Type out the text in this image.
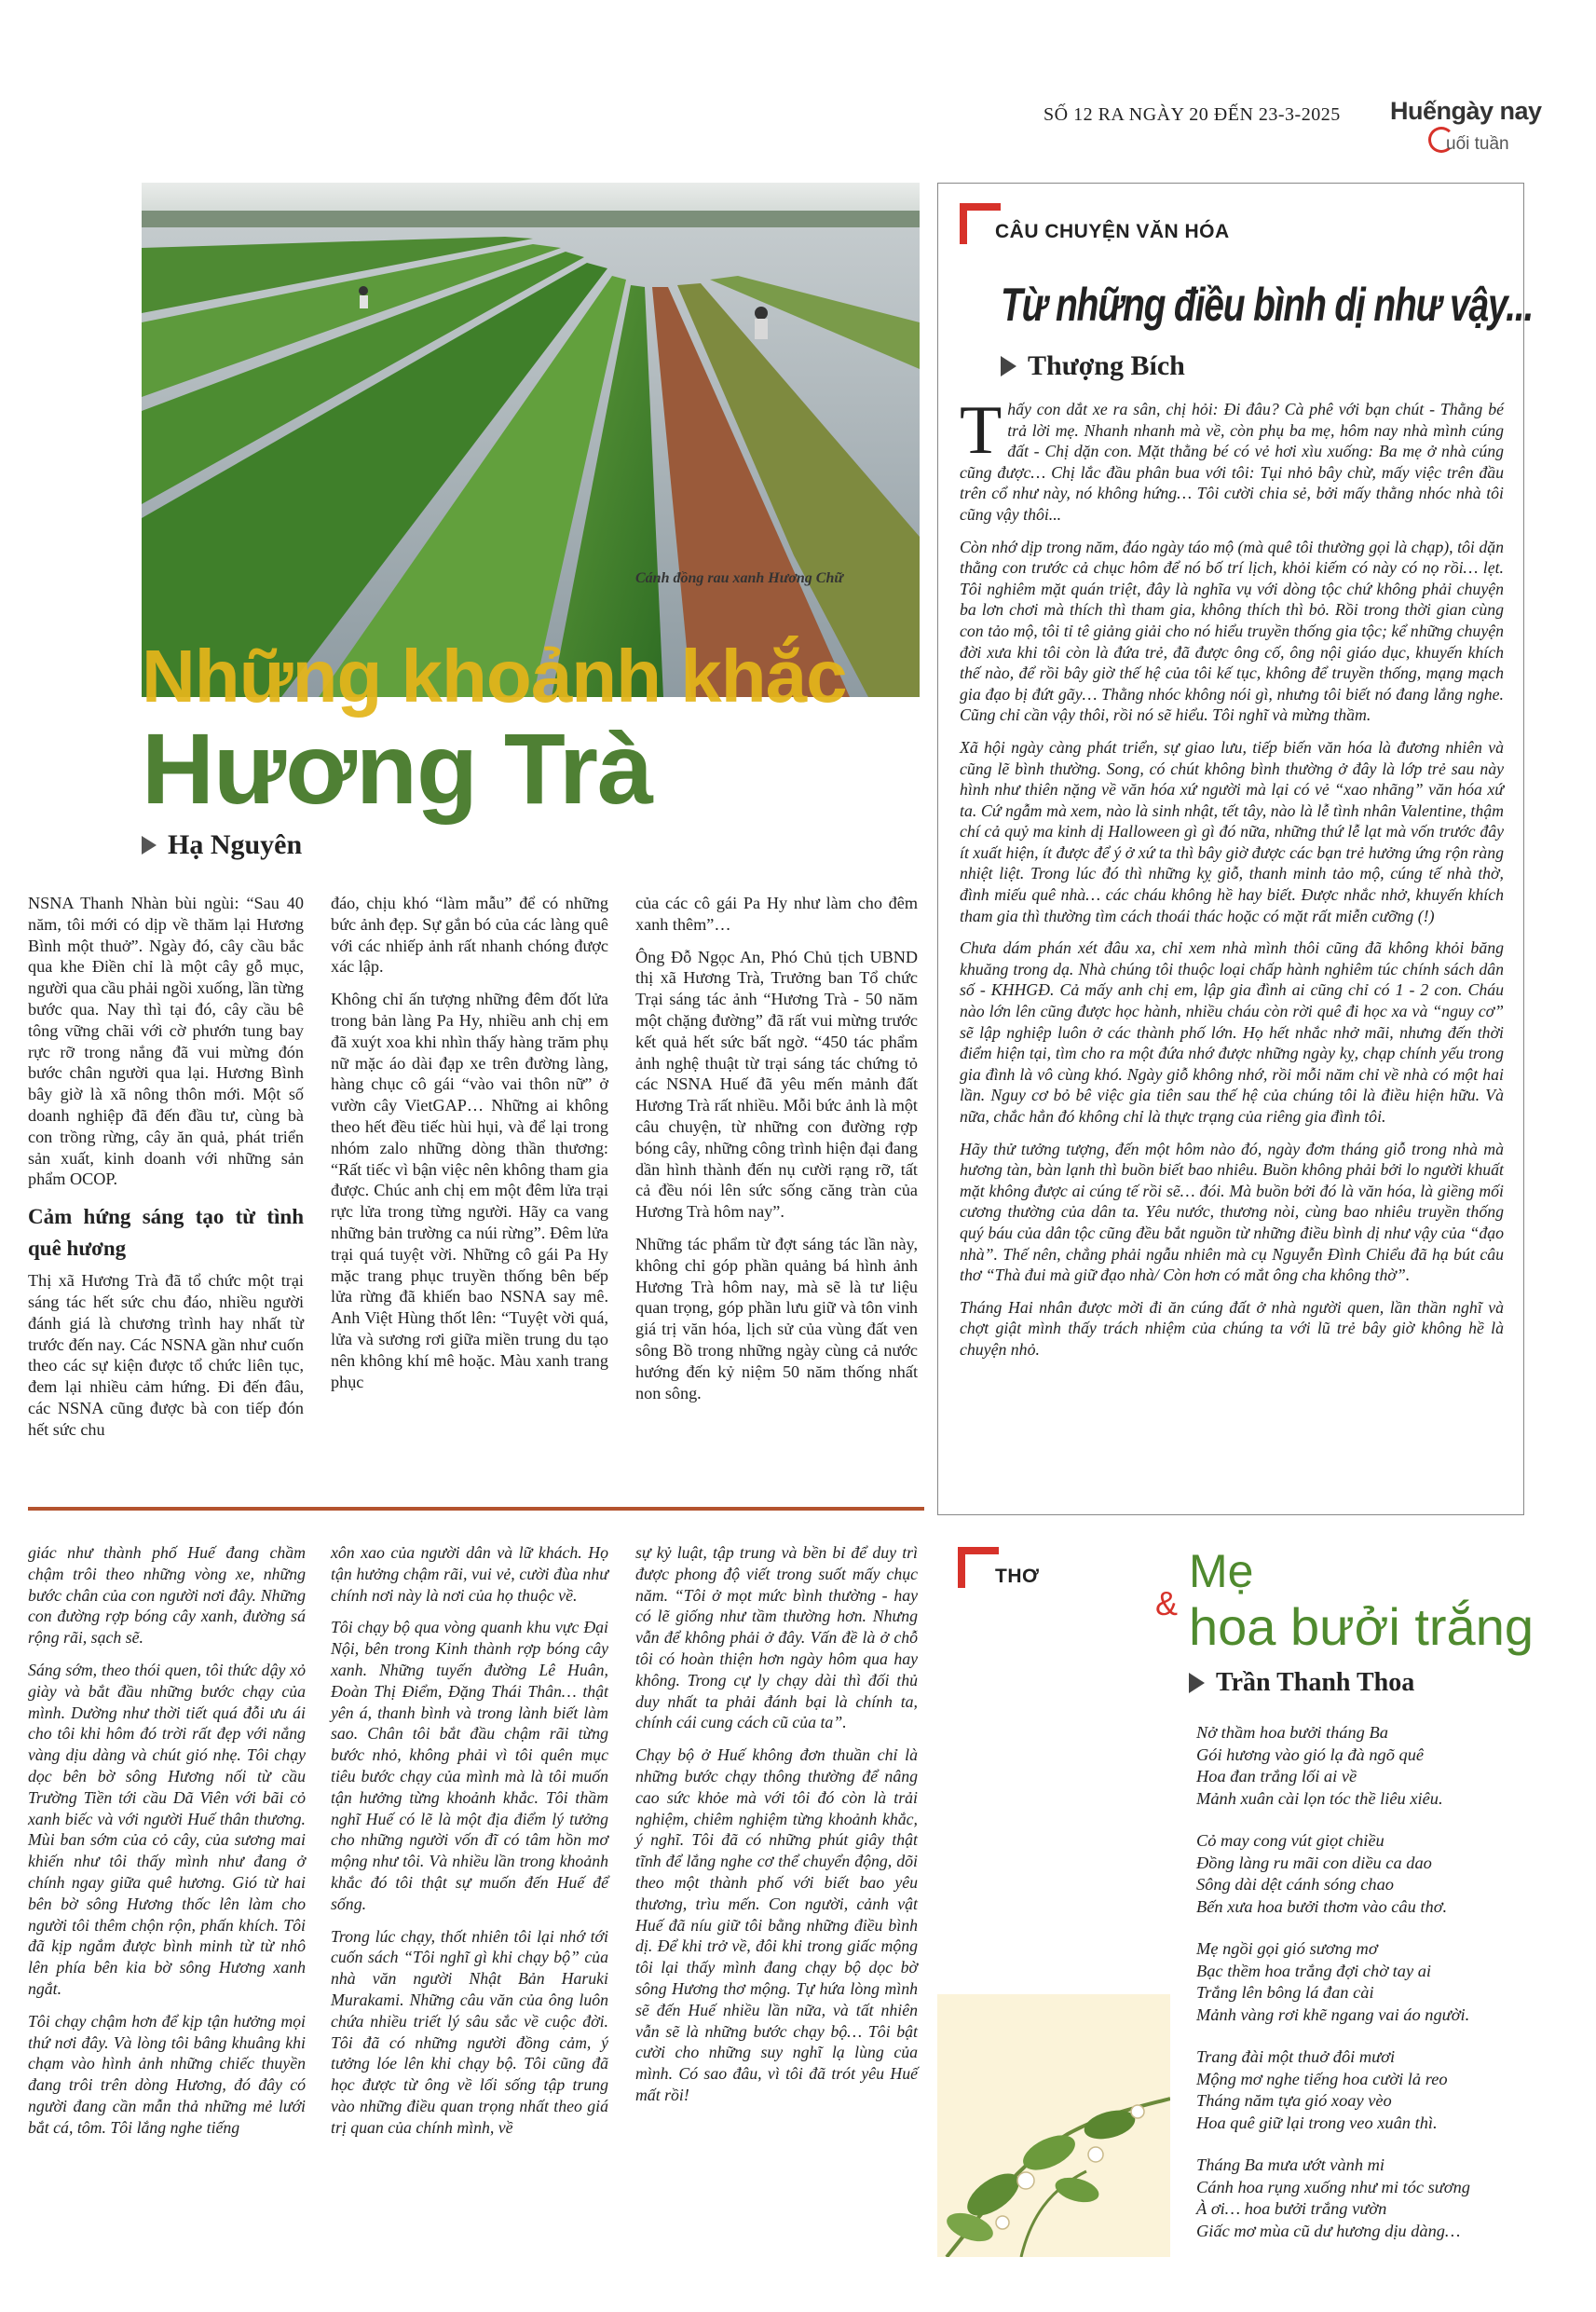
SỐ 12 RA NGÀY 20 ĐẾN 23-3-2025 Huếngày nay
uối tuần
Cánh đồng rau xanh Hương Chữ
Những khoảnh khắc
Hương Trà
Hạ Nguyên

NSNA Thanh Nhàn bùi ngùi: “Sau 40 năm, tôi mới có dịp về thăm lại Hương Bình một thuở”. Ngày đó, cây cầu bắc qua khe Điền chỉ là một cây gỗ mục, người qua cầu phải ngồi xuống, lần từng bước qua. Nay thì tại đó, cây cầu bê tông vững chãi với cờ phướn tung bay rực rỡ trong nắng đã vui mừng đón bước chân người qua lại. Hương Bình bây giờ là xã nông thôn mới. Một số doanh nghiệp đã đến đầu tư, cùng bà con trồng rừng, cây ăn quả, phát triển sản xuất, kinh doanh với những sản phẩm OCOP.

Cảm hứng sáng tạo từ tình quê hương

Thị xã Hương Trà đã tổ chức một trại sáng tác hết sức chu đáo, nhiều người đánh giá là chương trình hay nhất từ trước đến nay. Các NSNA gần như cuốn theo các sự kiện được tổ chức liên tục, đem lại nhiều cảm hứng. Đi đến đâu, các NSNA cũng được bà con tiếp đón hết sức chu

đáo, chịu khó “làm mẫu” để có những bức ảnh đẹp. Sự gắn bó của các làng quê với các nhiếp ảnh rất nhanh chóng được xác lập.

Không chỉ ấn tượng những đêm đốt lửa trong bản làng Pa Hy, nhiều anh chị em đã xuýt xoa khi nhìn thấy hàng trăm phụ nữ mặc áo dài đạp xe trên đường làng, hàng chục cô gái “vào vai thôn nữ” ở vườn cây VietGAP… Những ai không theo hết đều tiếc hùi hụi, và để lại trong nhóm zalo những dòng thần thương: “Rất tiếc vì bận việc nên không tham gia được. Chúc anh chị em một đêm lửa trại rực lửa trong từng người. Hãy ca vang những bản trường ca núi rừng”. Đêm lửa trại quá tuyệt vời. Những cô gái Pa Hy mặc trang phục truyền thống bên bếp lửa rừng đã khiến bao NSNA say mê. Anh Việt Hùng thốt lên: “Tuyệt vời quá, lửa và sương rơi giữa miền trung du tạo nên không khí mê hoặc. Màu xanh trang phục

của các cô gái Pa Hy như làm cho đêm xanh thêm”…

Ông Đỗ Ngọc An, Phó Chủ tịch UBND thị xã Hương Trà, Trưởng ban Tổ chức Trại sáng tác ảnh “Hương Trà - 50 năm một chặng đường” đã rất vui mừng trước kết quả hết sức bất ngờ. “450 tác phẩm ảnh nghệ thuật từ trại sáng tác chứng tỏ các NSNA Huế đã yêu mến mảnh đất Hương Trà rất nhiều. Mỗi bức ảnh là một câu chuyện, từ những con đường rợp bóng cây, những công trình hiện đại đang dần hình thành đến nụ cười rạng rỡ, tất cả đều nói lên sức sống căng tràn của Hương Trà hôm nay”.

Những tác phẩm từ đợt sáng tác lần này, không chỉ góp phần quảng bá hình ảnh Hương Trà hôm nay, mà sẽ là tư liệu quan trọng, góp phần lưu giữ và tôn vinh giá trị văn hóa, lịch sử của vùng đất ven sông Bồ trong những ngày cùng cả nước hướng đến kỷ niệm 50 năm thống nhất non sông.

CÂU CHUYỆN VĂN HÓA
Từ những điều bình dị như vậy...
Thượng Bích

Thấy con dắt xe ra sân, chị hỏi: Đi đâu? Cà phê với bạn chút - Thằng bé trả lời mẹ. Nhanh nhanh mà về, còn phụ ba mẹ, hôm nay nhà mình cúng đất - Chị dặn con. Mặt thằng bé có vẻ hơi xìu xuống: Ba mẹ ở nhà cúng cũng được… Chị lắc đầu phân bua với tôi: Tụi nhỏ bây chừ, mấy việc trên đầu trên cổ như này, nó không hứng… Tôi cười chia sẻ, bởi mấy thằng nhóc nhà tôi cũng vậy thôi...

Còn nhớ dịp trong năm, đáo ngày táo mộ (mà quê tôi thường gọi là chạp), tôi dặn thằng con trước cả chục hôm để nó bố trí lịch, khỏi kiếm có này có nọ rồi… lẹt. Tôi nghiêm mặt quán triệt, đây là nghĩa vụ với dòng tộc chứ không phải chuyện ba lơn chơi mà thích thì tham gia, không thích thì bỏ. Rồi trong thời gian cùng con tảo mộ, tôi tỉ tê giảng giải cho nó hiểu truyền thống gia tộc; kể những chuyện đời xưa khi tôi còn là đứa trẻ, đã được ông cố, ông nội giáo dục, khuyến khích thế nào, để rồi bây giờ thế hệ của tôi kế tục, không để truyền thống, mạng mạch gia đạo bị đứt gãy… Thằng nhóc không nói gì, nhưng tôi biết nó đang lắng nghe. Cũng chỉ cần vậy thôi, rồi nó sẽ hiểu. Tôi nghĩ và mừng thầm.

Xã hội ngày càng phát triển, sự giao lưu, tiếp biến văn hóa là đương nhiên và cũng lẽ bình thường. Song, có chút không bình thường ở đây là lớp trẻ sau này hình như thiên nặng về văn hóa xứ người mà lại có vẻ “xao nhãng” văn hóa xứ ta. Cứ ngẫm mà xem, nào là sinh nhật, tết tây, nào là lễ tình nhân Valentine, thậm chí cả quỷ ma kinh dị Halloween gì gì đó nữa, những thứ lễ lạt mà vốn trước đây ít xuất hiện, ít được để ý ở xứ ta thì bây giờ được các bạn trẻ hưởng ứng rộn ràng nhiệt liệt. Trong lúc đó thì những kỵ giỗ, thanh minh tảo mộ, cúng tế nhà thờ, đình miếu quê nhà… các cháu không hề hay biết. Được nhắc nhở, khuyến khích tham gia thì thường tìm cách thoái thác hoặc có mặt rất miễn cưỡng (!)

Chưa dám phán xét đâu xa, chỉ xem nhà mình thôi cũng đã không khỏi băng khuăng trong dạ. Nhà chúng tôi thuộc loại chấp hành nghiêm túc chính sách dân số - KHHGĐ. Cả mấy anh chị em, lập gia đình ai cũng chỉ có 1 - 2 con. Cháu nào lớn lên cũng được học hành, nhiều cháu còn rời quê đi học xa và “nguy cơ” sẽ lập nghiệp luôn ở các thành phố lớn. Họ hết nhắc nhở mãi, nhưng đến thời điểm hiện tại, tìm cho ra một đứa nhớ được những ngày kỵ, chạp chính yếu trong gia đình là vô cùng khó. Ngày giỗ không nhớ, rồi mỗi năm chỉ về nhà có một hai lần. Nguy cơ bỏ bê việc gia tiên sau thế hệ của chúng tôi là điều hiện hữu. Và nữa, chắc hẳn đó không chỉ là thực trạng của riêng gia đình tôi.

Hãy thử tưởng tượng, đến một hôm nào đó, ngày đơm tháng giỗ trong nhà mà hương tàn, bàn lạnh thì buồn biết bao nhiêu. Buồn không phải bởi lo người khuất mặt không được ai cúng tế rồi sẽ… đói. Mà buồn bởi đó là văn hóa, là giềng mối cương thường của dân ta. Yêu nước, thương nòi, cùng bao nhiêu truyền thống quý báu của dân tộc cũng đều bắt nguồn từ những điều bình dị như vậy của “đạo nhà”. Thế nên, chẳng phải ngẫu nhiên mà cụ Nguyễn Đình Chiểu đã hạ bút câu thơ “Thà đui mà giữ đạo nhà/ Còn hơn có mắt ông cha không thờ”.

Tháng Hai nhân được mời đi ăn cúng đất ở nhà người quen, lần thần nghĩ và chợt giật mình thấy trách nhiệm của chúng ta với lũ trẻ bây giờ không hề là chuyện nhỏ.

giác như thành phố Huế đang chầm chậm trôi theo những vòng xe, những bước chân của con người nơi đây. Những con đường rợp bóng cây xanh, đường sá rộng rãi, sạch sẽ.

Sáng sớm, theo thói quen, tôi thức dậy xỏ giày và bắt đầu những bước chạy của mình. Dường như thời tiết quá đỗi ưu ái cho tôi khi hôm đó trời rất đẹp với nắng vàng dịu dàng và chút gió nhẹ. Tôi chạy dọc bên bờ sông Hương nối từ cầu Trường Tiền tới cầu Dã Viên với bãi cỏ xanh biếc và với người Huế thân thương. Mùi ban sớm của cỏ cây, của sương mai khiến như tôi thấy mình như đang ở chính ngay giữa quê hương. Gió từ hai bên bờ sông Hương thốc lên làm cho người tôi thêm chộn rộn, phấn khích. Tôi đã kịp ngắm được bình minh từ từ nhô lên phía bên kia bờ sông Hương xanh ngắt.

Tôi chạy chậm hơn để kịp tận hưởng mọi thứ nơi đây. Và lòng tôi bâng khuâng khi chạm vào hình ảnh những chiếc thuyền đang trôi trên dòng Hương, đó đây có người đang cần mẫn thả những mẻ lưới bắt cá, tôm. Tôi lắng nghe tiếng

xôn xao của người dân và lữ khách. Họ tận hưởng chậm rãi, vui vẻ, cười đùa như chính nơi này là nơi của họ thuộc về.

Tôi chạy bộ qua vòng quanh khu vực Đại Nội, bên trong Kinh thành rợp bóng cây xanh. Những tuyến đường Lê Huân, Đoàn Thị Điểm, Đặng Thái Thân… thật yên á, thanh bình và trong lành biết làm sao. Chân tôi bắt đầu chậm rãi từng bước nhỏ, không phải vì tôi quên mục tiêu bước chạy của mình mà là tôi muốn tận hưởng từng khoảnh khắc. Tôi thầm nghĩ Huế có lẽ là một địa điểm lý tưởng cho những người vốn đĩ có tâm hồn mơ mộng như tôi. Và nhiều lần trong khoảnh khắc đó tôi thật sự muốn đến Huế để sống.

Trong lúc chạy, thốt nhiên tôi lại nhớ tới cuốn sách “Tôi nghĩ gì khi chạy bộ” của nhà văn người Nhật Bản Haruki Murakami. Những câu văn của ông luôn chứa nhiều triết lý sâu sắc về cuộc đời. Tôi đã có những người đồng cảm, ý tưởng lóe lên khi chạy bộ. Tôi cũng đã học được từ ông về lối sống tập trung vào những điều quan trọng nhất theo giá trị quan của chính mình, về

sự kỷ luật, tập trung và bền bỉ để duy trì được phong độ viết trong suốt mấy chục năm. “Tôi ở mọt mức bình thường - hay có lẽ giống như tầm thường hơn. Nhưng vẫn để không phải ở đây. Vấn đề là ở chỗ tôi có hoàn thiện hơn ngày hôm qua hay không. Trong cự ly chạy dài thì đối thủ duy nhất ta phải đánh bại là chính ta, chính cái cung cách cũ của ta”.

Chạy bộ ở Huế không đơn thuần chỉ là những bước chạy thông thường để nâng cao sức khỏe mà với tôi đó còn là trải nghiệm, chiêm nghiệm từng khoảnh khắc, ý nghĩ. Tôi đã có những phút giây thật tĩnh để lắng nghe cơ thể chuyển động, dõi theo một thành phố với biết bao yêu thương, trìu mến. Con người, cảnh vật Huế đã níu giữ tôi bằng những điều bình dị. Để khi trở về, đôi khi trong giấc mộng tôi lại thấy mình đang chạy bộ dọc bờ sông Hương thơ mộng. Tự hứa lòng mình sẽ đến Huế nhiều lần nữa, và tất nhiên vẫn sẽ là những bước chạy bộ… Tôi bật cười cho những suy nghĩ lạ lùng của mình. Có sao đâu, vì tôi đã trót yêu Huế mất rồi!

THƠ	Mẹ
& hoa bưởi trắng
Trần Thanh Thoa
Nở thầm hoa bưởi tháng Ba
Gói hương vào gió lạ đà ngõ quê
Hoa đan trắng lối ai về
Mảnh xuân cài lọn tóc thề liêu xiêu.
Cỏ may cong vút giọt chiều
Đồng làng ru mãi con diều ca dao
Sông dài dệt cánh sóng chao
Bến xưa hoa bưởi thơm vào câu thơ.
Mẹ ngồi gọi gió sương mơ
Bạc thềm hoa trắng đợi chờ tay ai
Trắng lên bông lá đan cài
Mảnh vàng rơi khẽ ngang vai áo người.
Trang đài một thuở đôi mươi
Mộng mơ nghe tiếng hoa cười lả reo
Tháng năm tựa gió xoay vèo
Hoa quê giữ lại trong veo xuân thì.
Tháng Ba mưa ướt vành mi
Cánh hoa rụng xuống như mi tóc sương
À ơi… hoa bưởi trắng vườn
Giấc mơ mùa cũ dư hương dịu dàng…
